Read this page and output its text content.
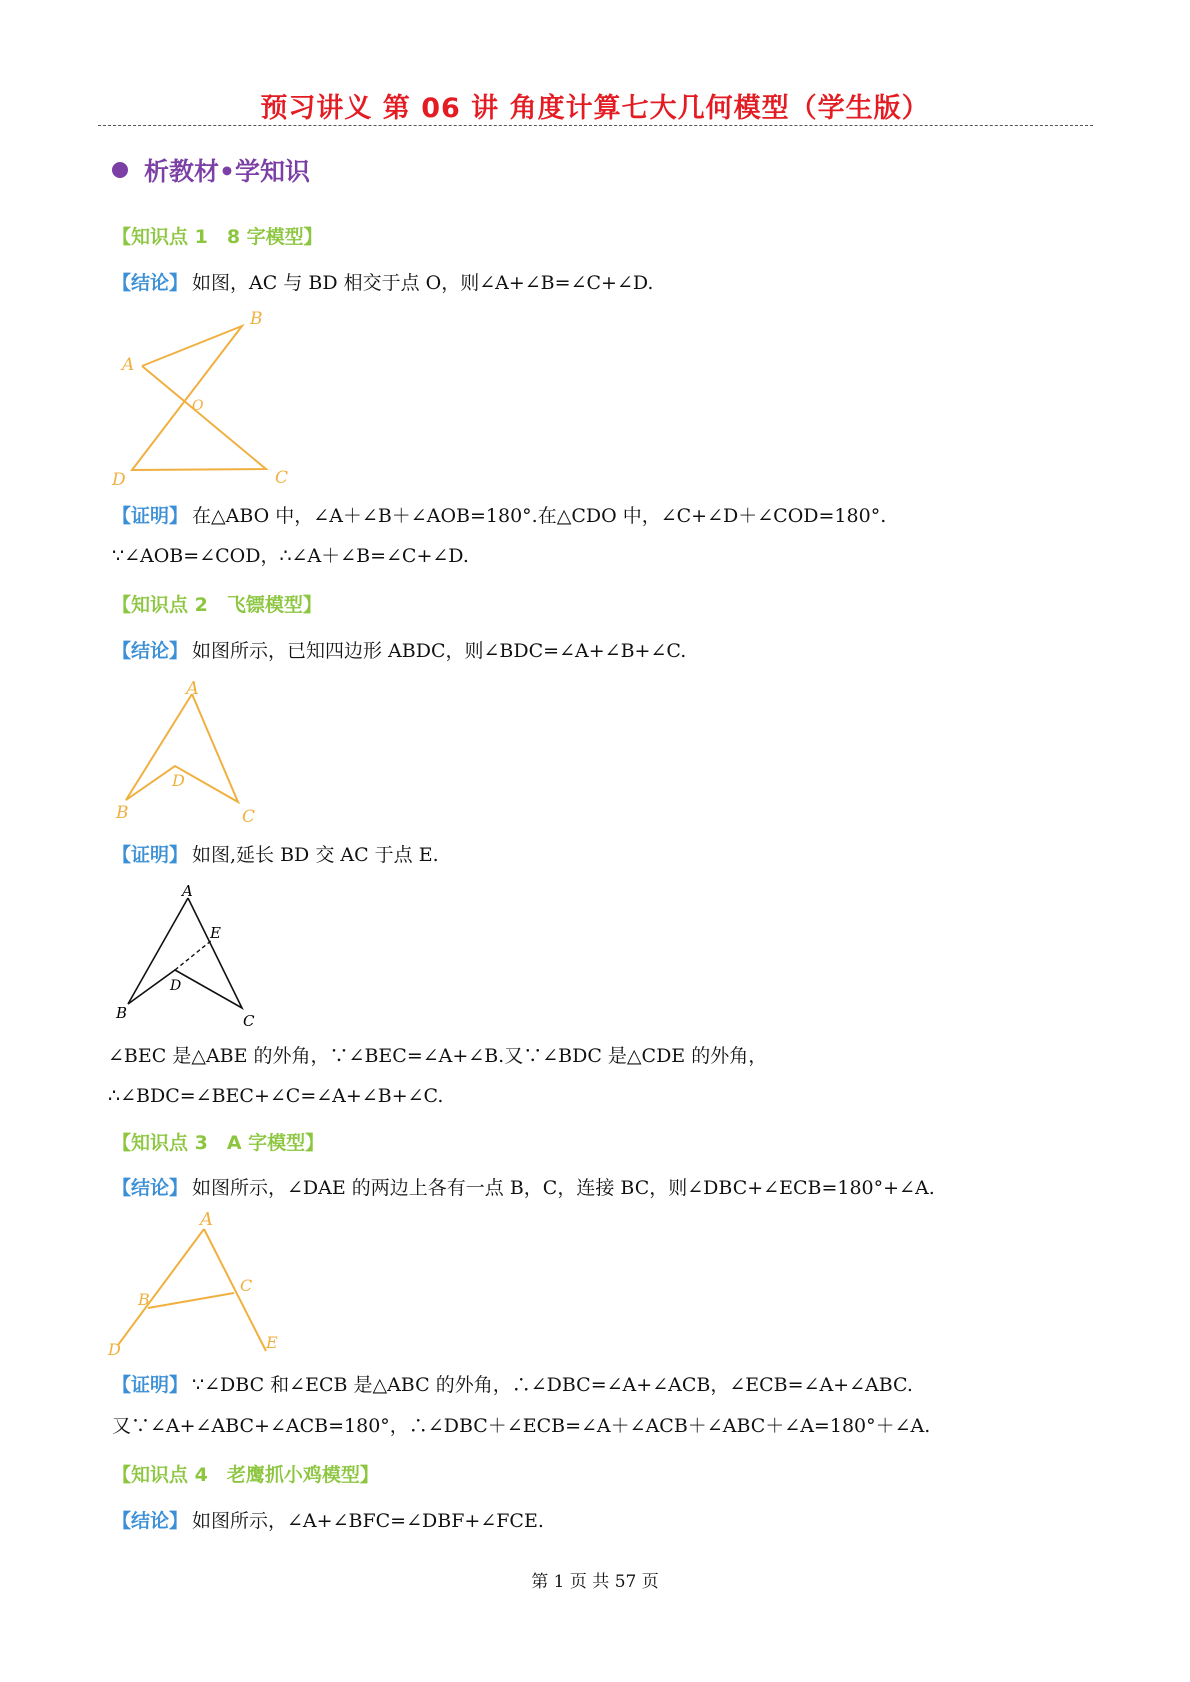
预习讲义 第 06 讲 角度计算七大几何模型（学生版）
析教材•学知识
【知识点 1　8 字模型】
【结论】 如图，AC 与 BD 相交于点 O，则∠A+∠B=∠C+∠D.
A
B
O
D	C
【证明】 在△ABO 中，∠A＋∠B＋∠AOB=180°.在△CDO 中，∠C+∠D＋∠COD=180°.
∵∠AOB=∠COD，∴∠A＋∠B=∠C+∠D.
【知识点 2　飞镖模型】
【结论】 如图所示，已知四边形 ABDC，则∠BDC=∠A+∠B+∠C.
A
D
B	C
【证明】 如图,延长 BD 交 AC 于点 E.
A
E
D
B	C
∠BEC 是△ABE 的外角，∵∠BEC=∠A+∠B.又∵∠BDC 是△CDE 的外角，
∴∠BDC=∠BEC+∠C=∠A+∠B+∠C.
【知识点 3　A 字模型】
【结论】 如图所示，∠DAE 的两边上各有一点 B，C，连接 BC，则∠DBC+∠ECB=180°+∠A.
A
B
C
D	E
【证明】 ∵∠DBC 和∠ECB 是△ABC 的外角，∴∠DBC=∠A+∠ACB，∠ECB=∠A+∠ABC.
又∵∠A+∠ABC+∠ACB=180°，∴∠DBC＋∠ECB=∠A＋∠ACB＋∠ABC＋∠A=180°＋∠A.
【知识点 4　老鹰抓小鸡模型】
【结论】 如图所示，∠A+∠BFC=∠DBF+∠FCE.
第 1 页 共 57 页
